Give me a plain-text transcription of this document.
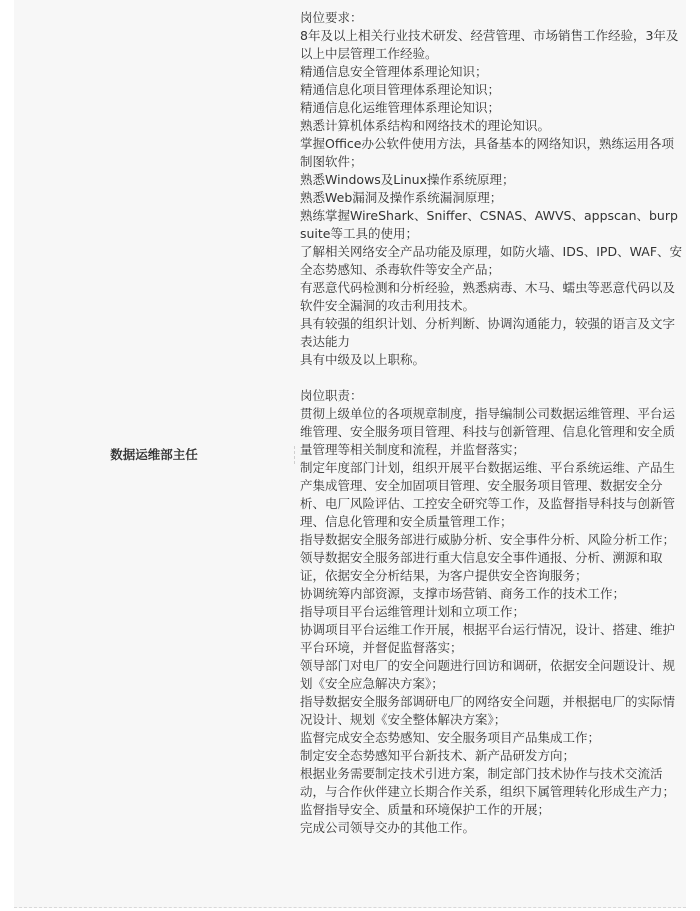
数据运维部主任

岗位要求：

8年及以上相关行业技术研发、经营管理、市场销售工作经验，3年及以上中层管理工作经验。

精通信息安全管理体系理论知识；

精通信息化项目管理体系理论知识；

精通信息化运维管理体系理论知识；

熟悉计算机体系结构和网络技术的理论知识。

掌握Office办公软件使用方法，具备基本的网络知识，熟练运用各项制图软件；

熟悉Windows及Linux操作系统原理；

熟悉Web漏洞及操作系统漏洞原理；

熟练掌握WireShark、Sniffer、CSNAS、AWVS、appscan、burpsuite等工具的使用；

了解相关网络安全产品功能及原理，如防火墙、IDS、IPD、WAF、安全态势感知、杀毒软件等安全产品；

有恶意代码检测和分析经验，熟悉病毒、木马、蠕虫等恶意代码以及软件安全漏洞的攻击利用技术。

具有较强的组织计划、分析判断、协调沟通能力，较强的语言及文字表达能力

具有中级及以上职称。

岗位职责：

贯彻上级单位的各项规章制度，指导编制公司数据运维管理、平台运维管理、安全服务项目管理、科技与创新管理、信息化管理和安全质量管理等相关制度和流程，并监督落实；

制定年度部门计划，组织开展平台数据运维、平台系统运维、产品生产集成管理、安全加固项目管理、安全服务项目管理、数据安全分析、电厂风险评估、工控安全研究等工作，及监督指导科技与创新管理、信息化管理和安全质量管理工作；

指导数据安全服务部进行威胁分析、安全事件分析、风险分析工作；

领导数据安全服务部进行重大信息安全事件通报、分析、溯源和取证，依据安全分析结果，为客户提供安全咨询服务；

协调统筹内部资源，支撑市场营销、商务工作的技术工作；

指导项目平台运维管理计划和立项工作；

协调项目平台运维工作开展，根据平台运行情况，设计、搭建、维护平台环境，并督促监督落实；

领导部门对电厂的安全问题进行回访和调研，依据安全问题设计、规划《安全应急解决方案》；

指导数据安全服务部调研电厂的网络安全问题，并根据电厂的实际情况设计、规划《安全整体解决方案》；

监督完成安全态势感知、安全服务项目产品集成工作；

制定安全态势感知平台新技术、新产品研发方向；

根据业务需要制定技术引进方案，制定部门技术协作与技术交流活动，与合作伙伴建立长期合作关系，组织下属管理转化形成生产力；

监督指导安全、质量和环境保护工作的开展；

完成公司领导交办的其他工作。
